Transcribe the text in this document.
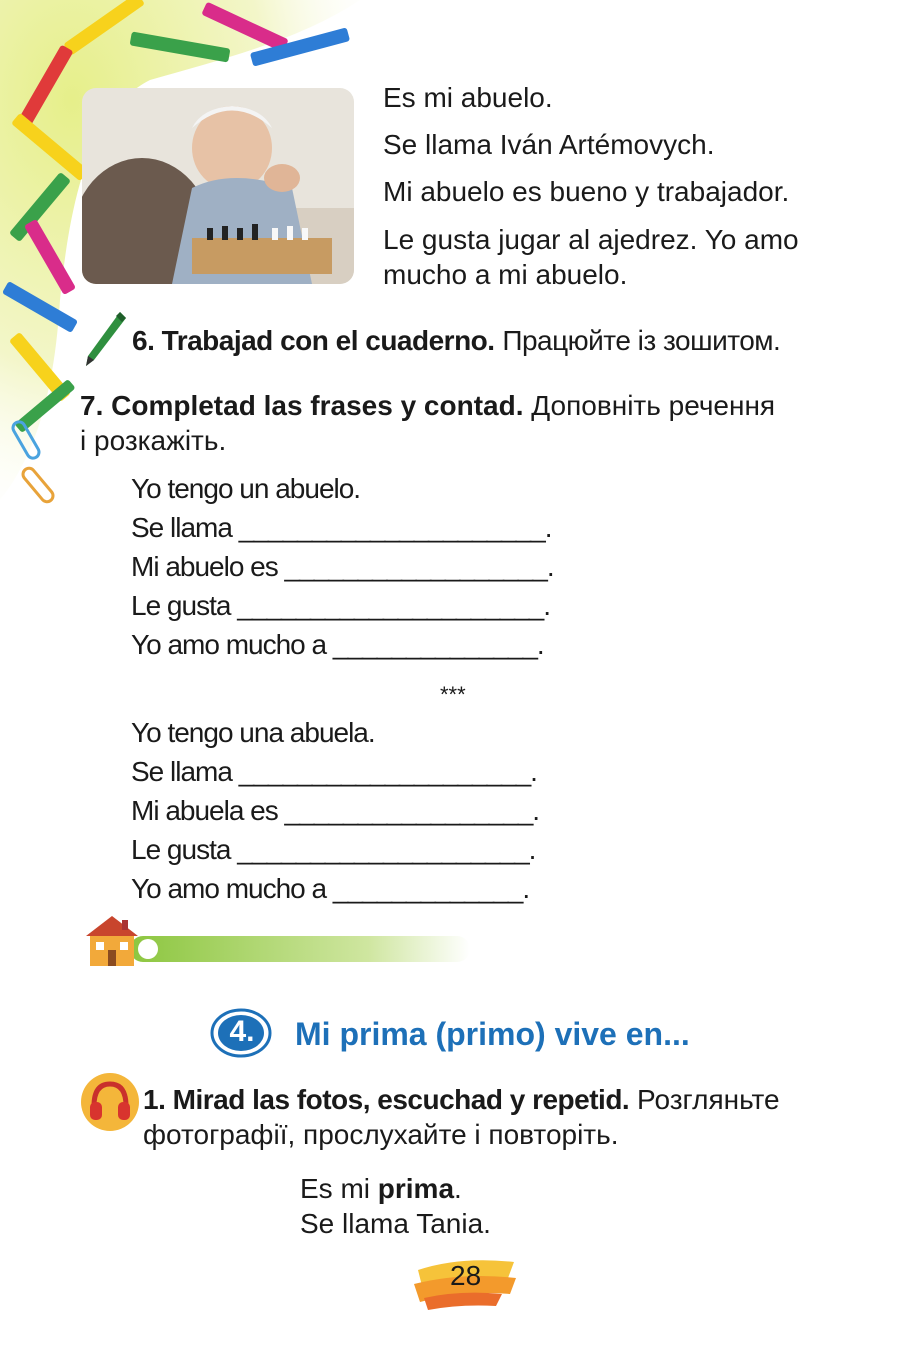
Es mi abuelo.
Se llama Iván Artémovych.
Mi abuelo es bueno y trabajador.
Le gusta jugar al ajedrez. Yo amo
mucho a mi abuelo.
6. Trabajad con el cuaderno. Працюйте із зошитом.
7. Completad las frases y contad. Доповніть речення
і розкажіть.
Yo tengo un abuelo.
Se llama _____________________.
Mi abuelo es __________________.
Le gusta _____________________.
Yo amo mucho a ______________.
***
Yo tengo una abuela.
Se llama ____________________.
Mi abuela es _________________.
Le gusta ____________________.
Yo amo mucho a _____________.
4. Mi prima (primo) vive en...
1. Mirad las fotos, escuchad y repetid. Розгляньте
фотографії, прослухайте і повторіть.
Es mi prima.
Se llama Tania.
28
